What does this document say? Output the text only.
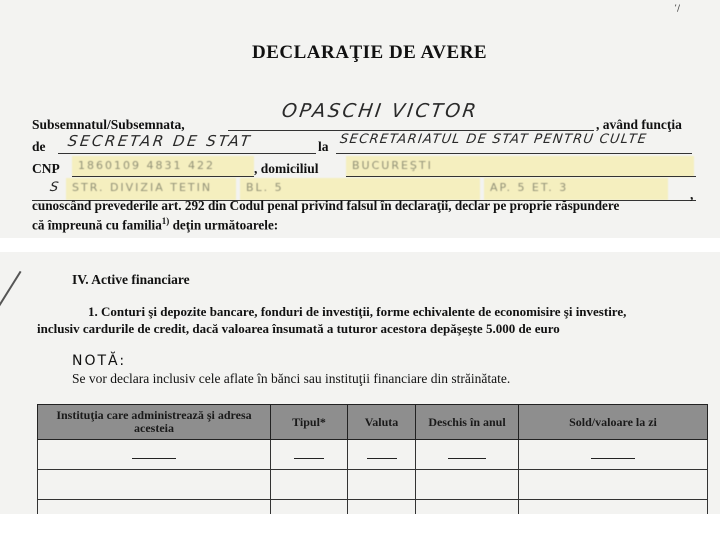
ʼ/
DECLARAŢIE DE AVERE
Subsemnatul/Subsemnata,
OPASCHI VICTOR
, având funcţia
de SECRETAR DE STAT	la SECRETARIATUL DE STAT PENTRU CULTE
CNP	1860109 4831 422	, domiciliul	BUCUREŞTI
S STR. DIVIZIA TETIN	BL. 5	AP. 5 ET. 3	,
cunoscând prevederile art. 292 din Codul penal privind falsul în declaraţii, declar pe proprie răspundere
că împreună cu familia$^{1)}$ deţin următoarele:
IV. Active financiare
1. Conturi şi depozite bancare, fonduri de investiţii, forme echivalente de economisire şi investire,
inclusiv cardurile de credit, dacă valoarea însumată a tuturor acestora depăşeşte 5.000 de euro
NOTĂ:
Se vor declara inclusiv cele aflate în bănci sau instituţii financiare din străinătate.
Instituţia care administrează şi adresa acesteia	Tipul*	Valuta	Deschis în anul	Sold/valoare la zi
